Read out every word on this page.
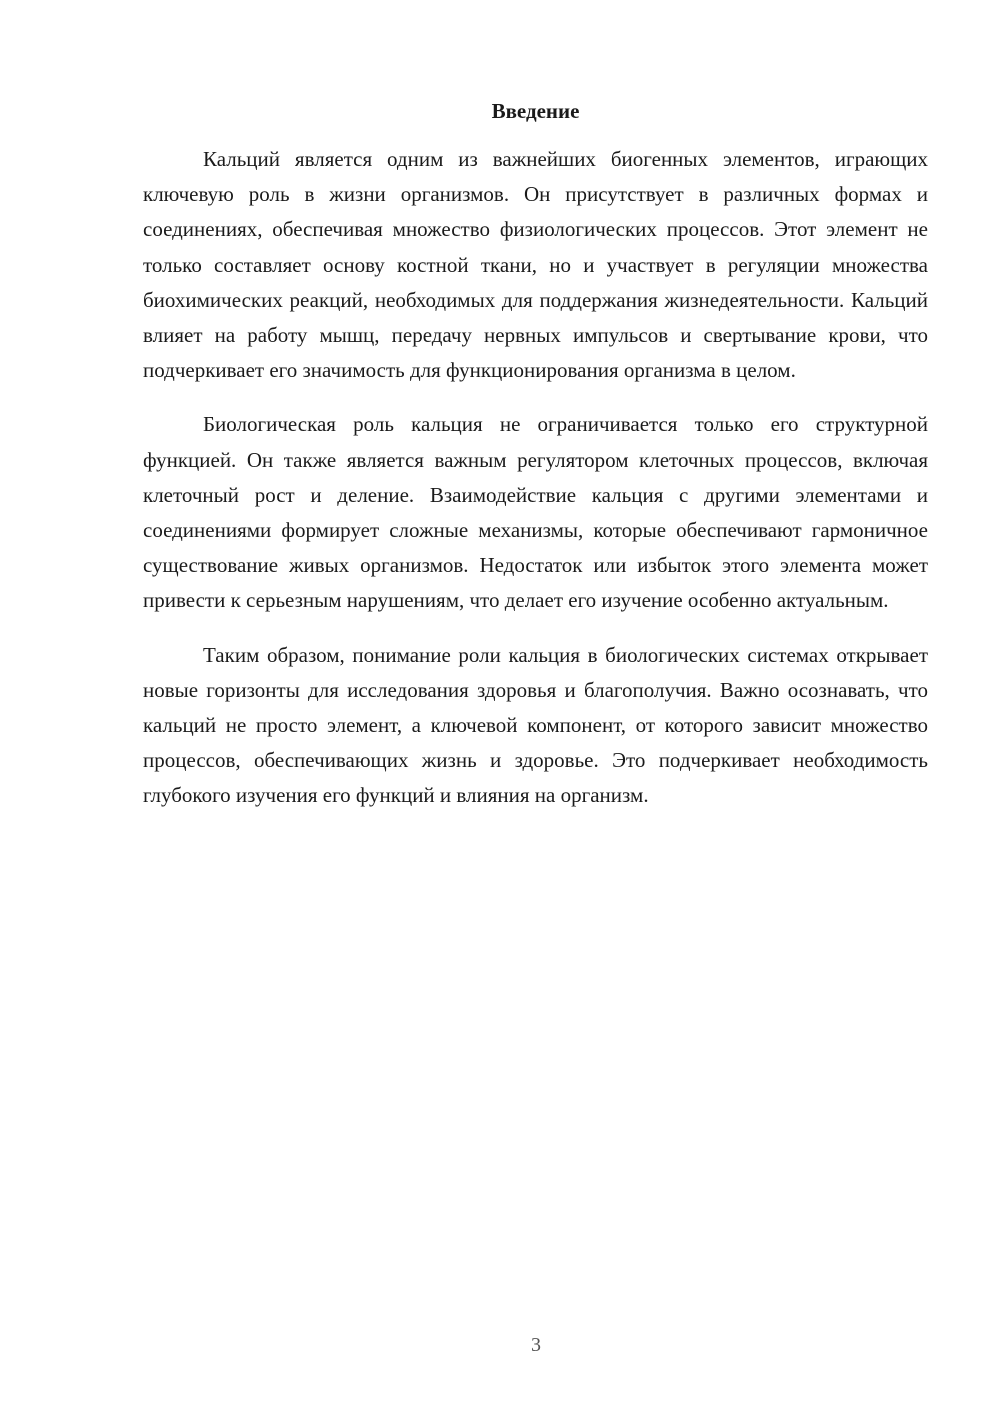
Введение

Кальций является одним из важнейших биогенных элементов, играющих ключевую роль в жизни организмов. Он присутствует в различных формах и соединениях, обеспечивая множество физиологических процессов. Этот элемент не только составляет основу костной ткани, но и участвует в регуляции множества биохимических реакций, необходимых для поддержания жизнедеятельности. Кальций влияет на работу мышц, передачу нервных импульсов и свертывание крови, что подчеркивает его значимость для функционирования организма в целом.

Биологическая роль кальция не ограничивается только его структурной функцией. Он также является важным регулятором клеточных процессов, включая клеточный рост и деление. Взаимодействие кальция с другими элементами и соединениями формирует сложные механизмы, которые обеспечивают гармоничное существование живых организмов. Недостаток или избыток этого элемента может привести к серьезным нарушениям, что делает его изучение особенно актуальным.

Таким образом, понимание роли кальция в биологических системах открывает новые горизонты для исследования здоровья и благополучия. Важно осознавать, что кальций не просто элемент, а ключевой компонент, от которого зависит множество процессов, обеспечивающих жизнь и здоровье. Это подчеркивает необходимость глубокого изучения его функций и влияния на организм.

3
